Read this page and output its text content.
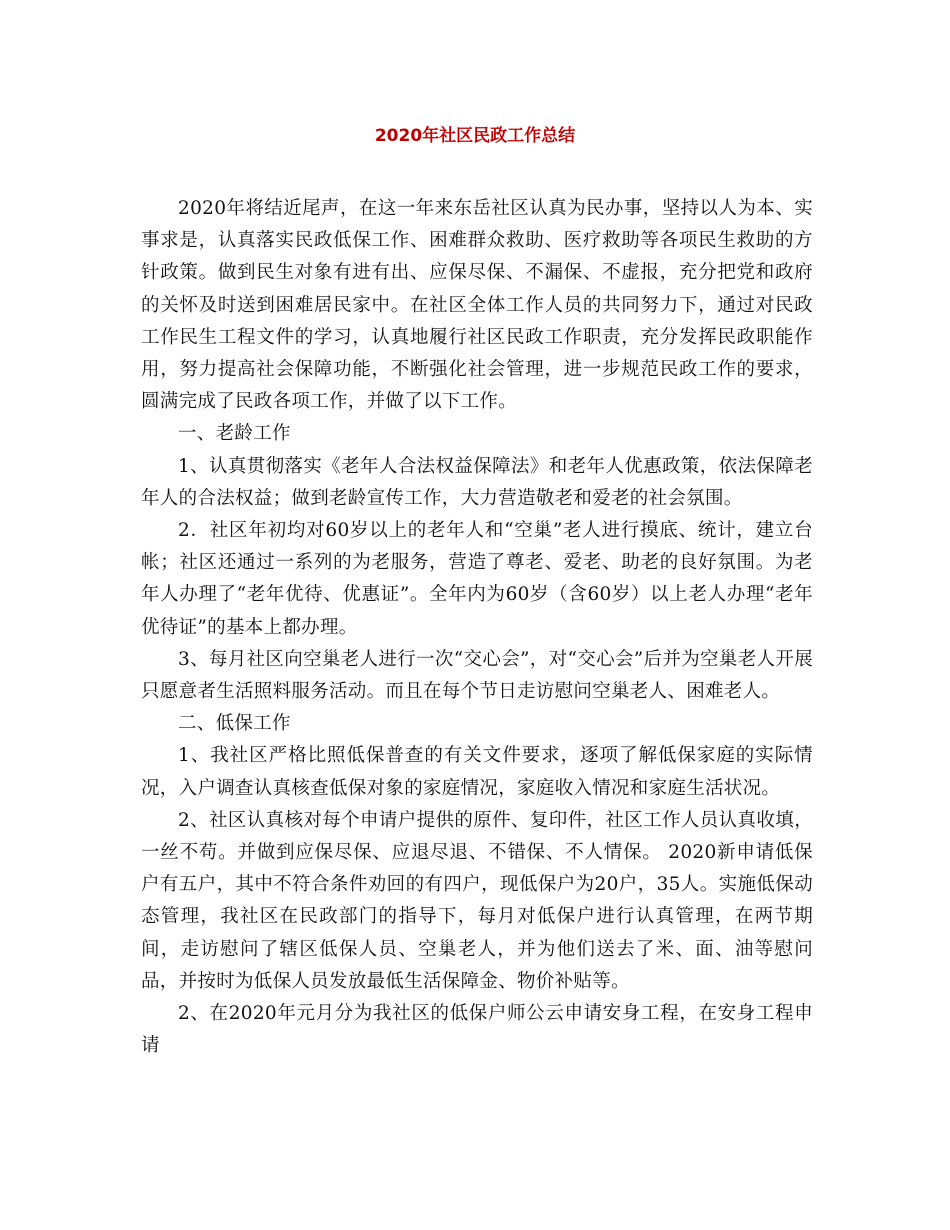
2020年社区民政工作总结

2020年将结近尾声，在这一年来东岳社区认真为民办事，坚持以人为本、实事求是，认真落实民政低保工作、困难群众救助、医疗救助等各项民生救助的方针政策。做到民生对象有进有出、应保尽保、不漏保、不虚报，充分把党和政府的关怀及时送到困难居民家中。在社区全体工作人员的共同努力下，通过对民政工作民生工程文件的学习，认真地履行社区民政工作职责，充分发挥民政职能作用，努力提高社会保障功能，不断强化社会管理，进一步规范民政工作的要求，圆满完成了民政各项工作，并做了以下工作。

一、老龄工作

1、认真贯彻落实《老年人合法权益保障法》和老年人优惠政策，依法保障老年人的合法权益；做到老龄宣传工作，大力营造敬老和爱老的社会氛围。

2．社区年初均对60岁以上的老年人和“空巢”老人进行摸底、统计，建立台帐；社区还通过一系列的为老服务，营造了尊老、爱老、助老的良好氛围。为老年人办理了“老年优待、优惠证”。全年内为60岁（含60岁）以上老人办理“老年优待证”的基本上都办理。

3、每月社区向空巢老人进行一次“交心会”，对“交心会”后并为空巢老人开展只愿意者生活照料服务活动。而且在每个节日走访慰问空巢老人、困难老人。

二、低保工作

1、我社区严格比照低保普查的有关文件要求，逐项了解低保家庭的实际情况，入户调查认真核查低保对象的家庭情况，家庭收入情况和家庭生活状况。

2、社区认真核对每个申请户提供的原件、复印件，社区工作人员认真收填，一丝不苟。并做到应保尽保、应退尽退、不错保、不人情保。 2020新申请低保户有五户，其中不符合条件劝回的有四户，现低保户为20户，35人。实施低保动态管理，我社区在民政部门的指导下，每月对低保户进行认真管理，在两节期间，走访慰问了辖区低保人员、空巢老人，并为他们送去了米、面、油等慰问品，并按时为低保人员发放最低生活保障金、物价补贴等。

2、在2020年元月分为我社区的低保户师公云申请安身工程，在安身工程申请
